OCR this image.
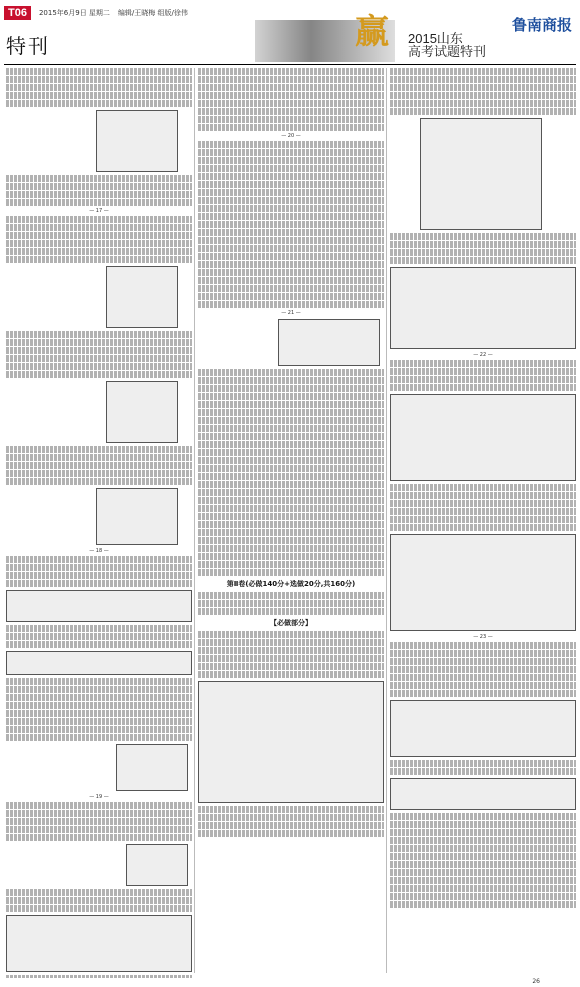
T06	2015年6月9日 星期二 编辑/王晓梅 组版/徐伟
特刊	赢 2015山东
高考试题特刊
鲁南商报
— 17 —
— 18 —
— 19 —
— 20 —
— 21 —
第Ⅱ卷(必做140分+选做20分,共160分)
【必做部分】
— 22 —
— 23 —
26
